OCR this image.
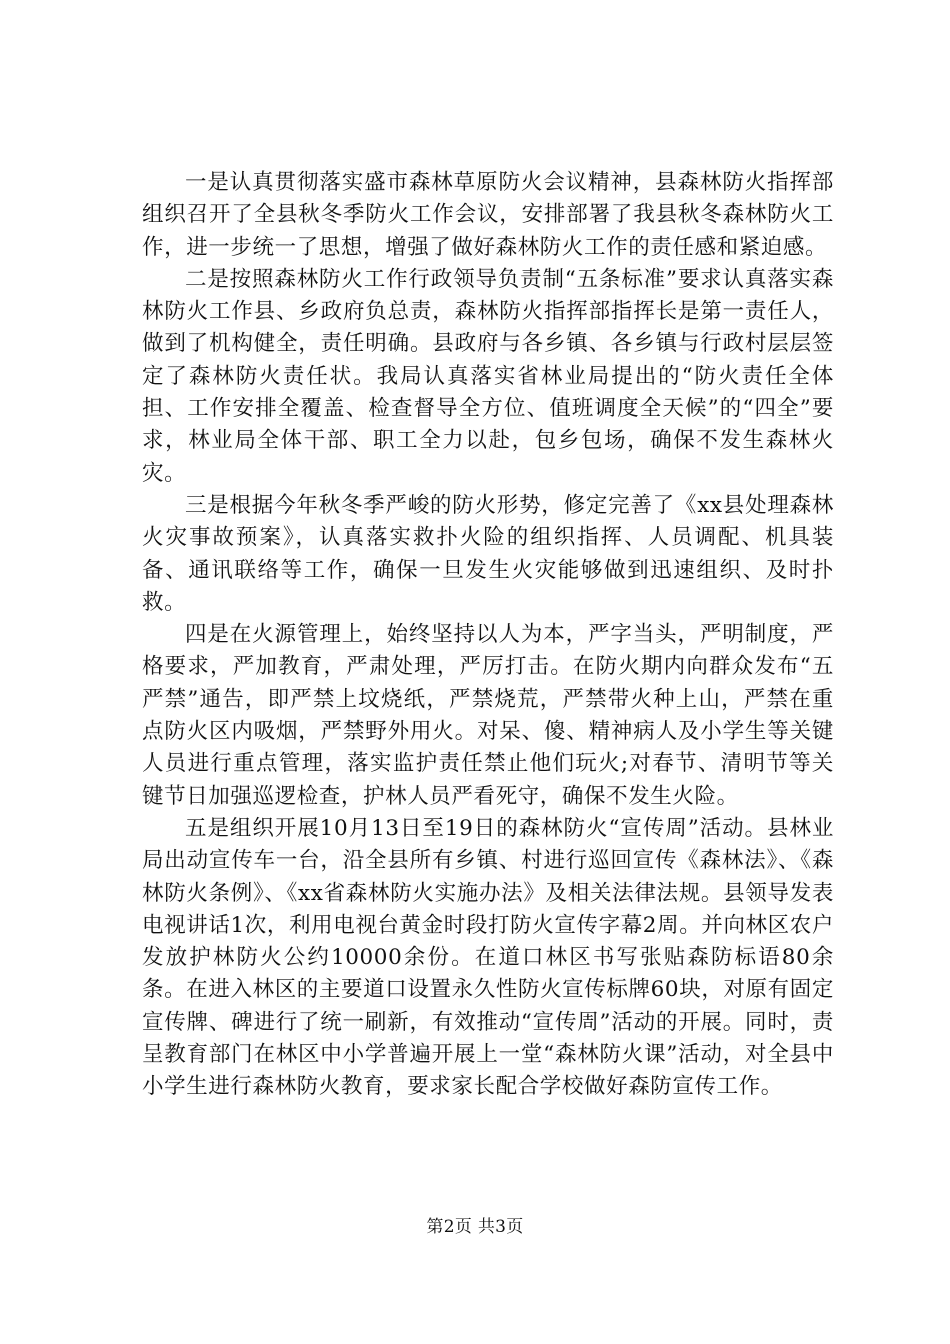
一是认真贯彻落实盛市森林草原防火会议精神，县森林防火指挥部组织召开了全县秋冬季防火工作会议，安排部署了我县秋冬森林防火工作，进一步统一了思想，增强了做好森林防火工作的责任感和紧迫感。

二是按照森林防火工作行政领导负责制“五条标准”要求认真落实森林防火工作县、乡政府负总责，森林防火指挥部指挥长是第一责任人，做到了机构健全，责任明确。县政府与各乡镇、各乡镇与行政村层层签定了森林防火责任状。我局认真落实省林业局提出的“防火责任全体担、工作安排全覆盖、检查督导全方位、值班调度全天候”的“四全”要求，林业局全体干部、职工全力以赴，包乡包场，确保不发生森林火灾。

三是根据今年秋冬季严峻的防火形势，修定完善了《xx县处理森林火灾事故预案》，认真落实救扑火险的组织指挥、人员调配、机具装备、通讯联络等工作，确保一旦发生火灾能够做到迅速组织、及时扑救。

四是在火源管理上，始终坚持以人为本，严字当头，严明制度，严格要求，严加教育，严肃处理，严厉打击。在防火期内向群众发布“五严禁”通告，即严禁上坟烧纸，严禁烧荒，严禁带火种上山，严禁在重点防火区内吸烟，严禁野外用火。对呆、傻、精神病人及小学生等关键人员进行重点管理，落实监护责任禁止他们玩火;对春节、清明节等关键节日加强巡逻检查，护林人员严看死守，确保不发生火险。

五是组织开展10月13日至19日的森林防火“宣传周”活动。县林业局出动宣传车一台，沿全县所有乡镇、村进行巡回宣传《森林法》、《森林防火条例》、《xx省森林防火实施办法》及相关法律法规。县领导发表电视讲话1次，利用电视台黄金时段打防火宣传字幕2周。并向林区农户发放护林防火公约10000余份。在道口林区书写张贴森防标语80余条。在进入林区的主要道口设置永久性防火宣传标牌60块，对原有固定宣传牌、碑进行了统一刷新，有效推动“宣传周”活动的开展。同时，责呈教育部门在林区中小学普遍开展上一堂“森林防火课”活动，对全县中小学生进行森林防火教育，要求家长配合学校做好森防宣传工作。

第2页 共3页
